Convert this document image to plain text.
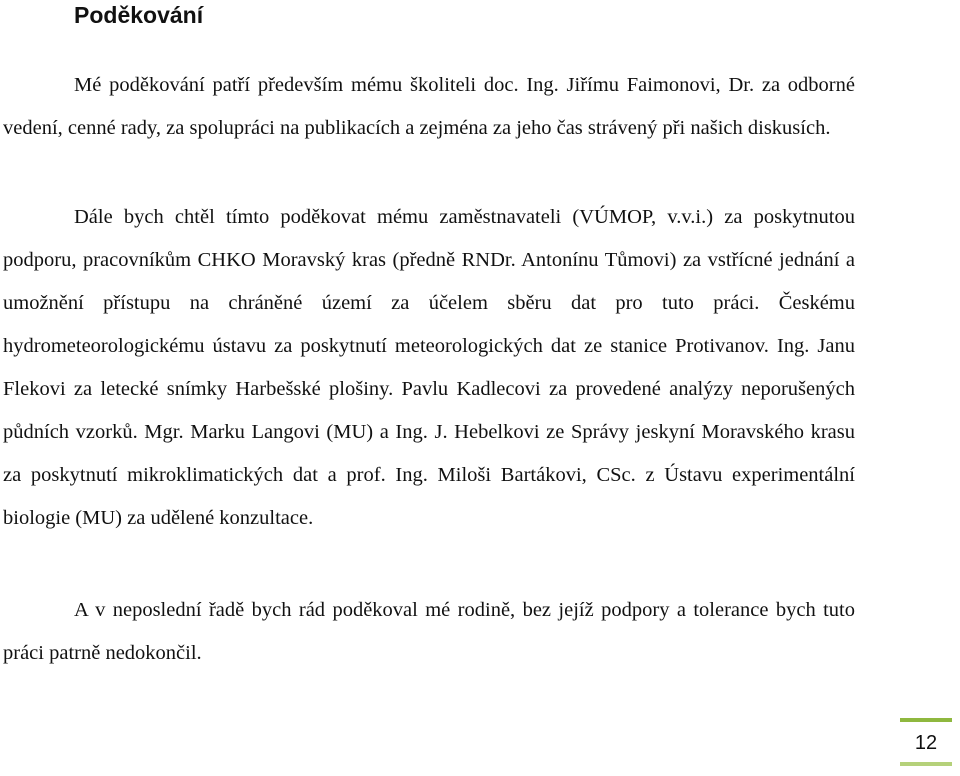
Poděkování

Mé poděkování patří především mému školiteli doc. Ing. Jiřímu Faimonovi, Dr. za odborné vedení, cenné rady, za spolupráci na publikacích a zejména za jeho čas strávený při našich diskusích.

Dále bych chtěl tímto poděkovat mému zaměstnavateli (VÚMOP, v.v.i.) za poskytnutou podporu, pracovníkům CHKO Moravský kras (předně RNDr. Antonínu Tůmovi) za vstřícné jednání a umožnění přístupu na chráněné území za účelem sběru dat pro tuto práci. Českému hydrometeorologickému ústavu za poskytnutí meteorologických dat ze stanice Protivanov. Ing. Janu Flekovi za letecké snímky Harbešské plošiny. Pavlu Kadlecovi za provedené analýzy neporušených půdních vzorků. Mgr. Marku Langovi (MU) a Ing. J. Hebelkovi ze Správy jeskyní Moravského krasu za poskytnutí mikroklimatických dat a prof. Ing. Miloši Bartákovi, CSc. z Ústavu experimentální biologie (MU) za udělené konzultace.

A v neposlední řadě bych rád poděkoval mé rodině, bez jejíž podpory a tolerance bych tuto práci patrně nedokončil.

12
